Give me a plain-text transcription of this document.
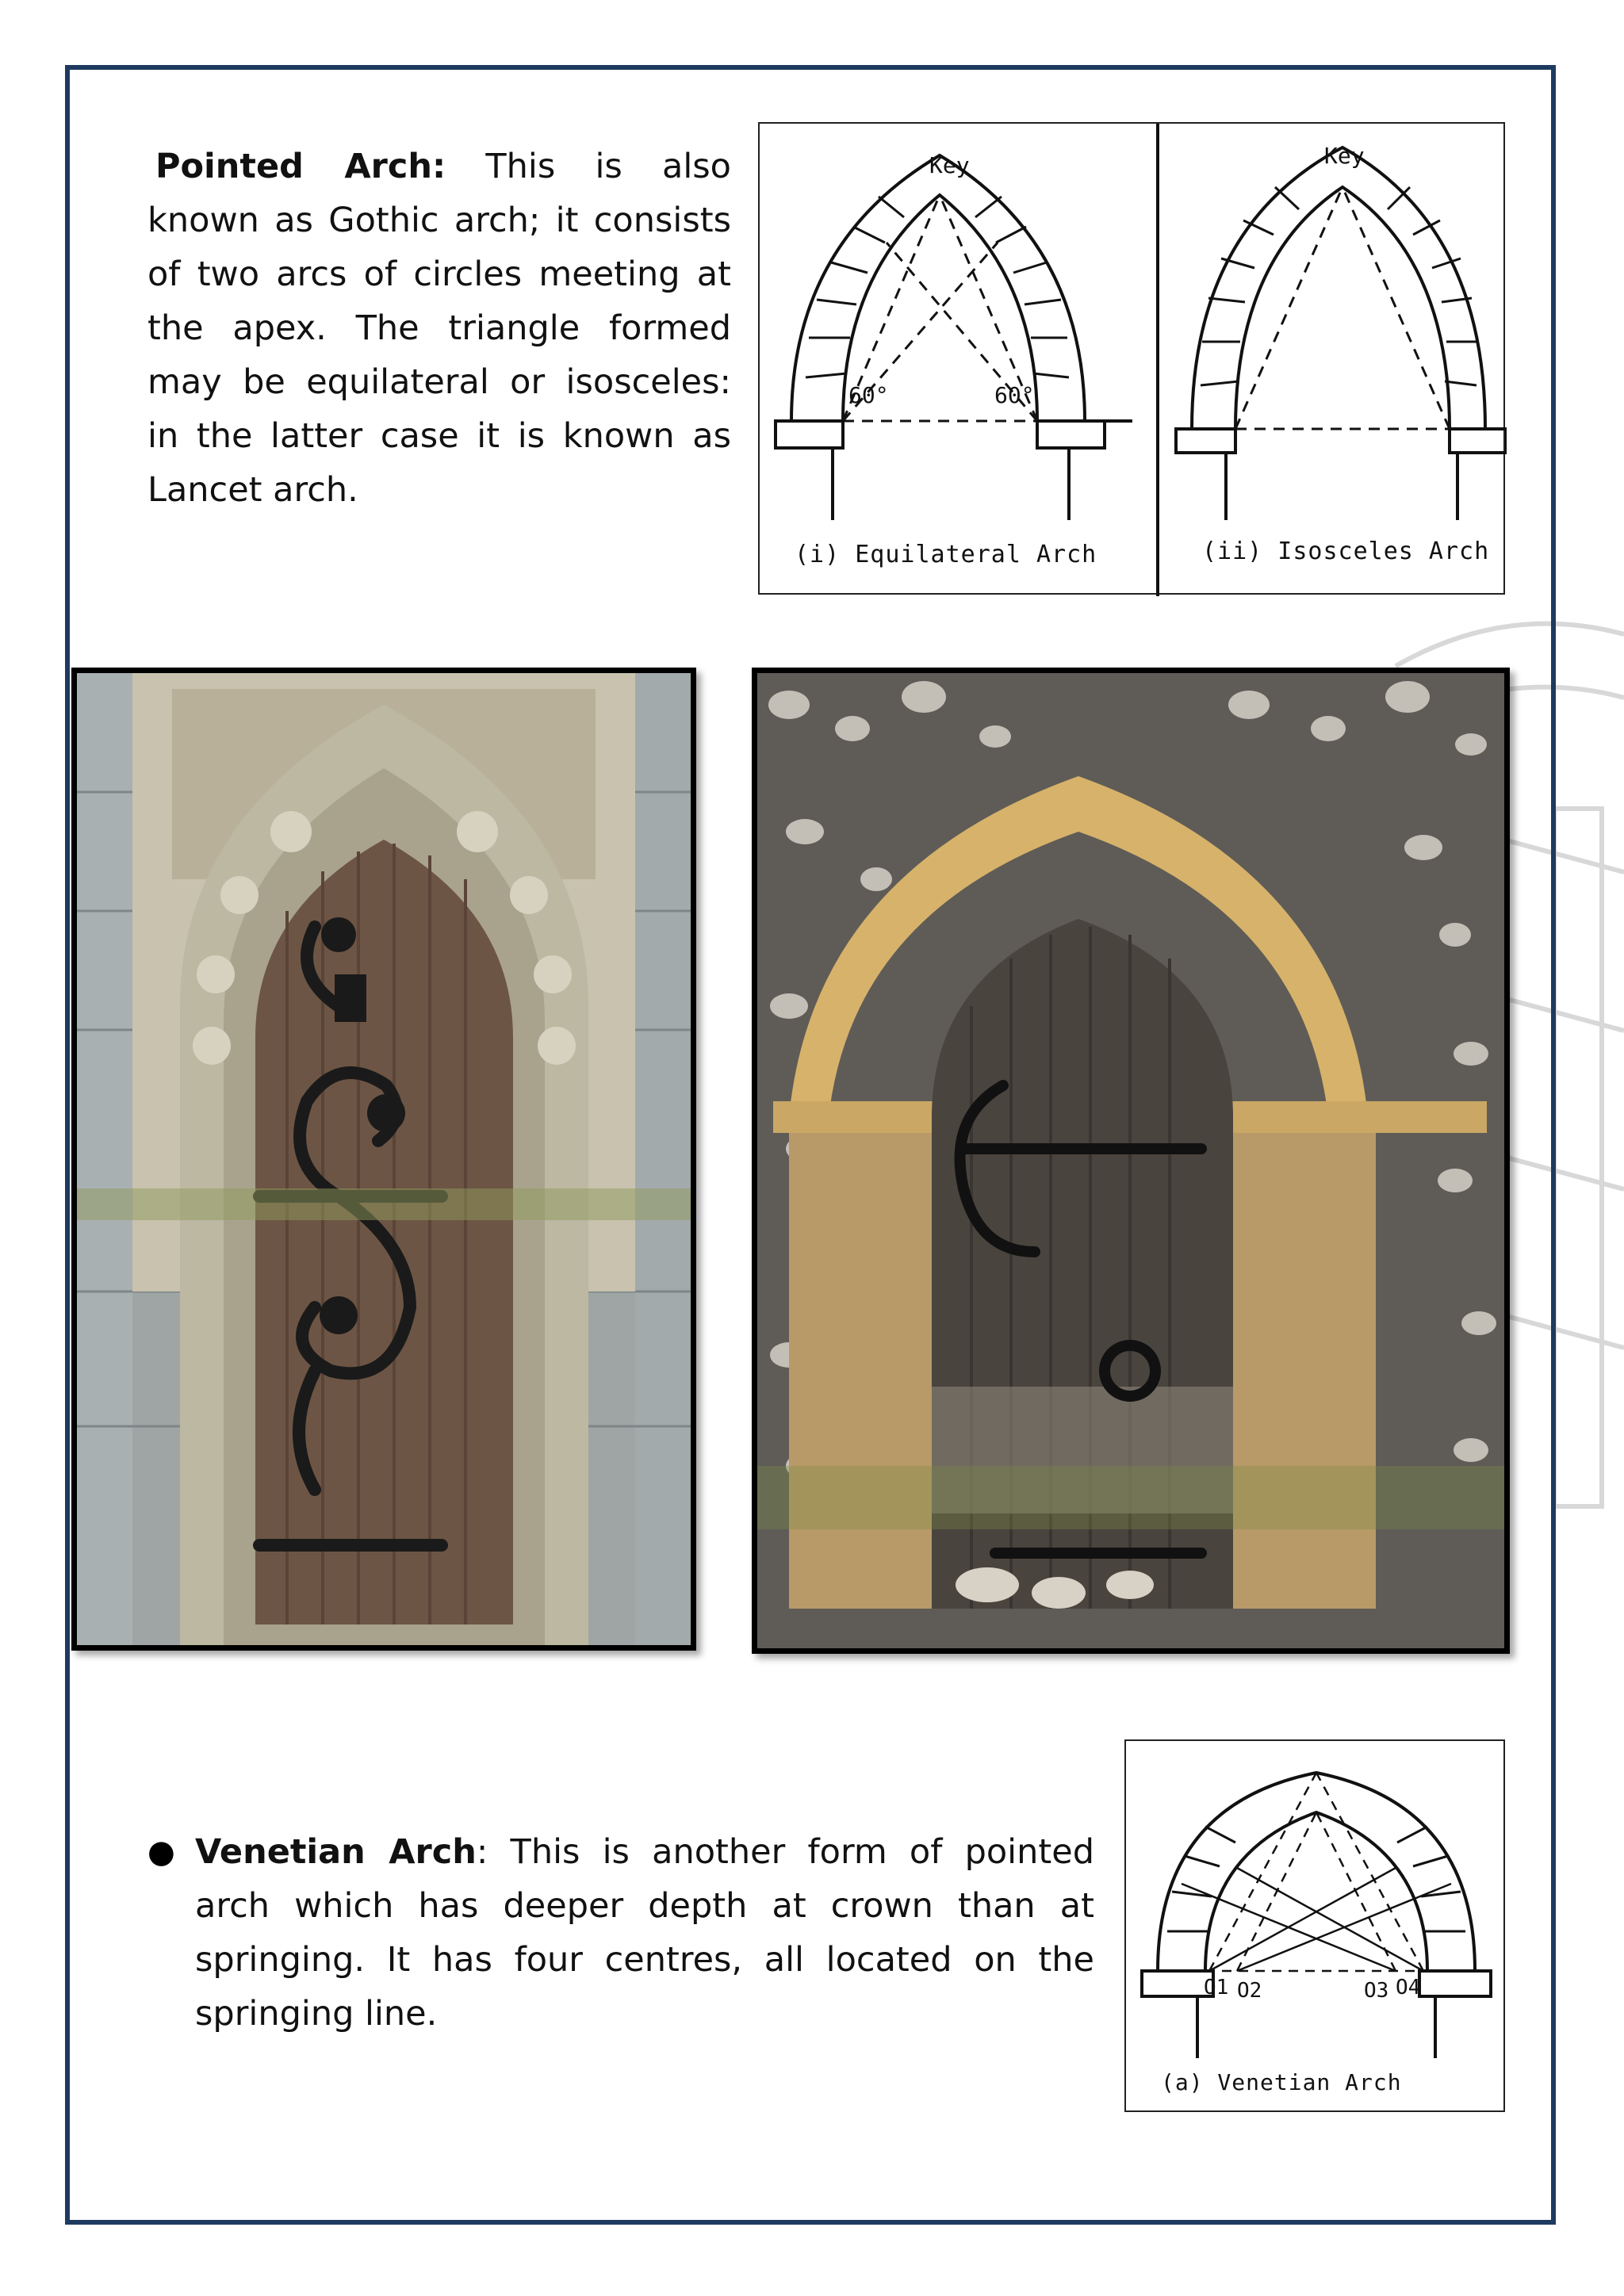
Pointed Arch: This is also known as Gothic arch; it consists of two arcs of circles meeting at the apex. The triangle formed may be equilateral or isosceles: in the latter case it is known as Lancet arch.
Key
60°	60°
(i) Equilateral Arch
Key
(ii) Isosceles Arch
● Venetian Arch: This is another form of pointed arch which has deeper depth at crown than at springing. It has four centres, all located on the springing line.
O1 O2	O3 O4
(a) Venetian Arch
